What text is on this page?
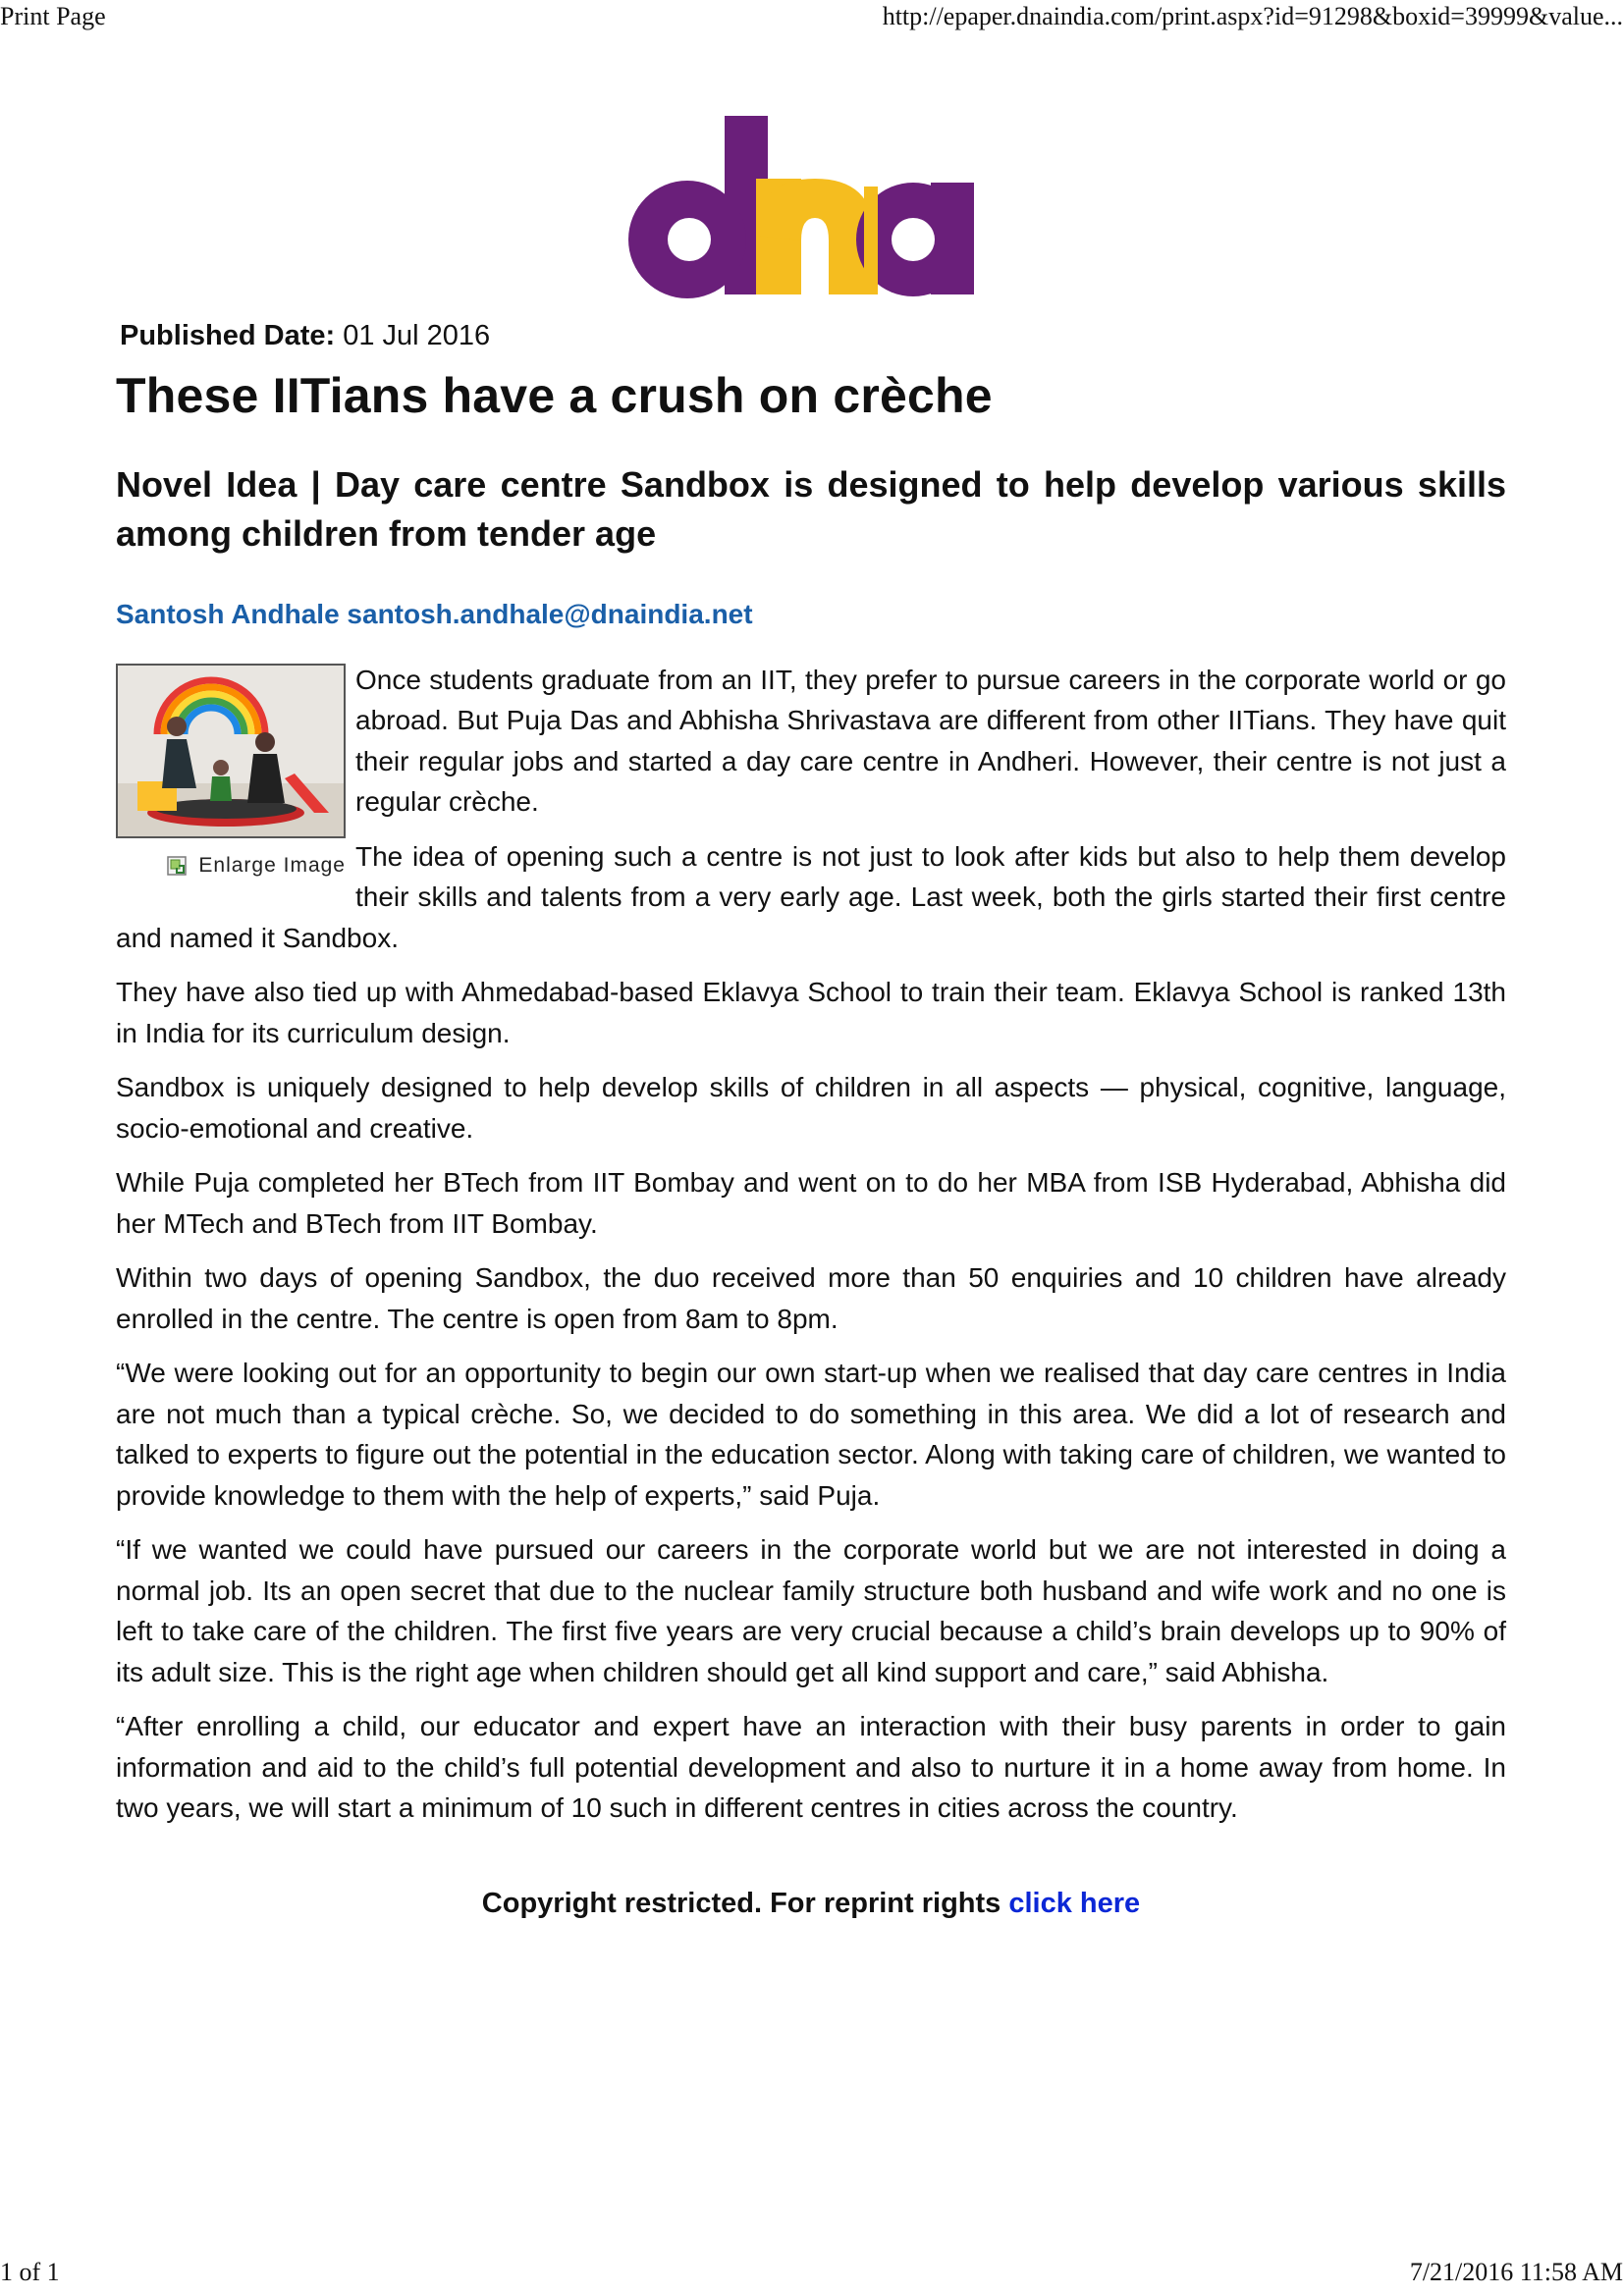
Print Page	http://epaper.dnaindia.com/print.aspx?id=91298&boxid=39999&value...

Published Date: 01 Jul 2016

These IITians have a crush on crèche
Novel Idea | Day care centre Sandbox is designed to help develop various skills among children from tender age
Santosh Andhale santosh.andhale@dnaindia.net
Enlarge Image

Once students graduate from an IIT, they prefer to pursue careers in the corporate world or go abroad. But Puja Das and Abhisha Shrivastava are different from other IITians. They have quit their regular jobs and started a day care centre in Andheri. However, their centre is not just a regular crèche.

The idea of opening such a centre is not just to look after kids but also to help them develop their skills and talents from a very early age. Last week, both the girls started their first centre and named it Sandbox.

They have also tied up with Ahmedabad-based Eklavya School to train their team. Eklavya School is ranked 13th in India for its curriculum design.

Sandbox is uniquely designed to help develop skills of children in all aspects — physical, cognitive, language, socio-emotional and creative.

While Puja completed her BTech from IIT Bombay and went on to do her MBA from ISB Hyderabad, Abhisha did her MTech and BTech from IIT Bombay.

Within two days of opening Sandbox, the duo received more than 50 enquiries and 10 children have already enrolled in the centre. The centre is open from 8am to 8pm.

“We were looking out for an opportunity to begin our own start-up when we realised that day care centres in India are not much than a typical crèche. So, we decided to do something in this area. We did a lot of research and talked to experts to figure out the potential in the education sector. Along with taking care of children, we wanted to provide knowledge to them with the help of experts,” said Puja.

“If we wanted we could have pursued our careers in the corporate world but we are not interested in doing a normal job. Its an open secret that due to the nuclear family structure both husband and wife work and no one is left to take care of the children. The first five years are very crucial because a child’s brain develops up to 90% of its adult size. This is the right age when children should get all kind support and care,” said Abhisha.

“After enrolling a child, our educator and expert have an interaction with their busy parents in order to gain information and aid to the child’s full potential development and also to nurture it in a home away from home. In two years, we will start a minimum of 10 such in different centres in cities across the country.

Copyright restricted. For reprint rights click here
1 of 1	7/21/2016 11:58 AM
